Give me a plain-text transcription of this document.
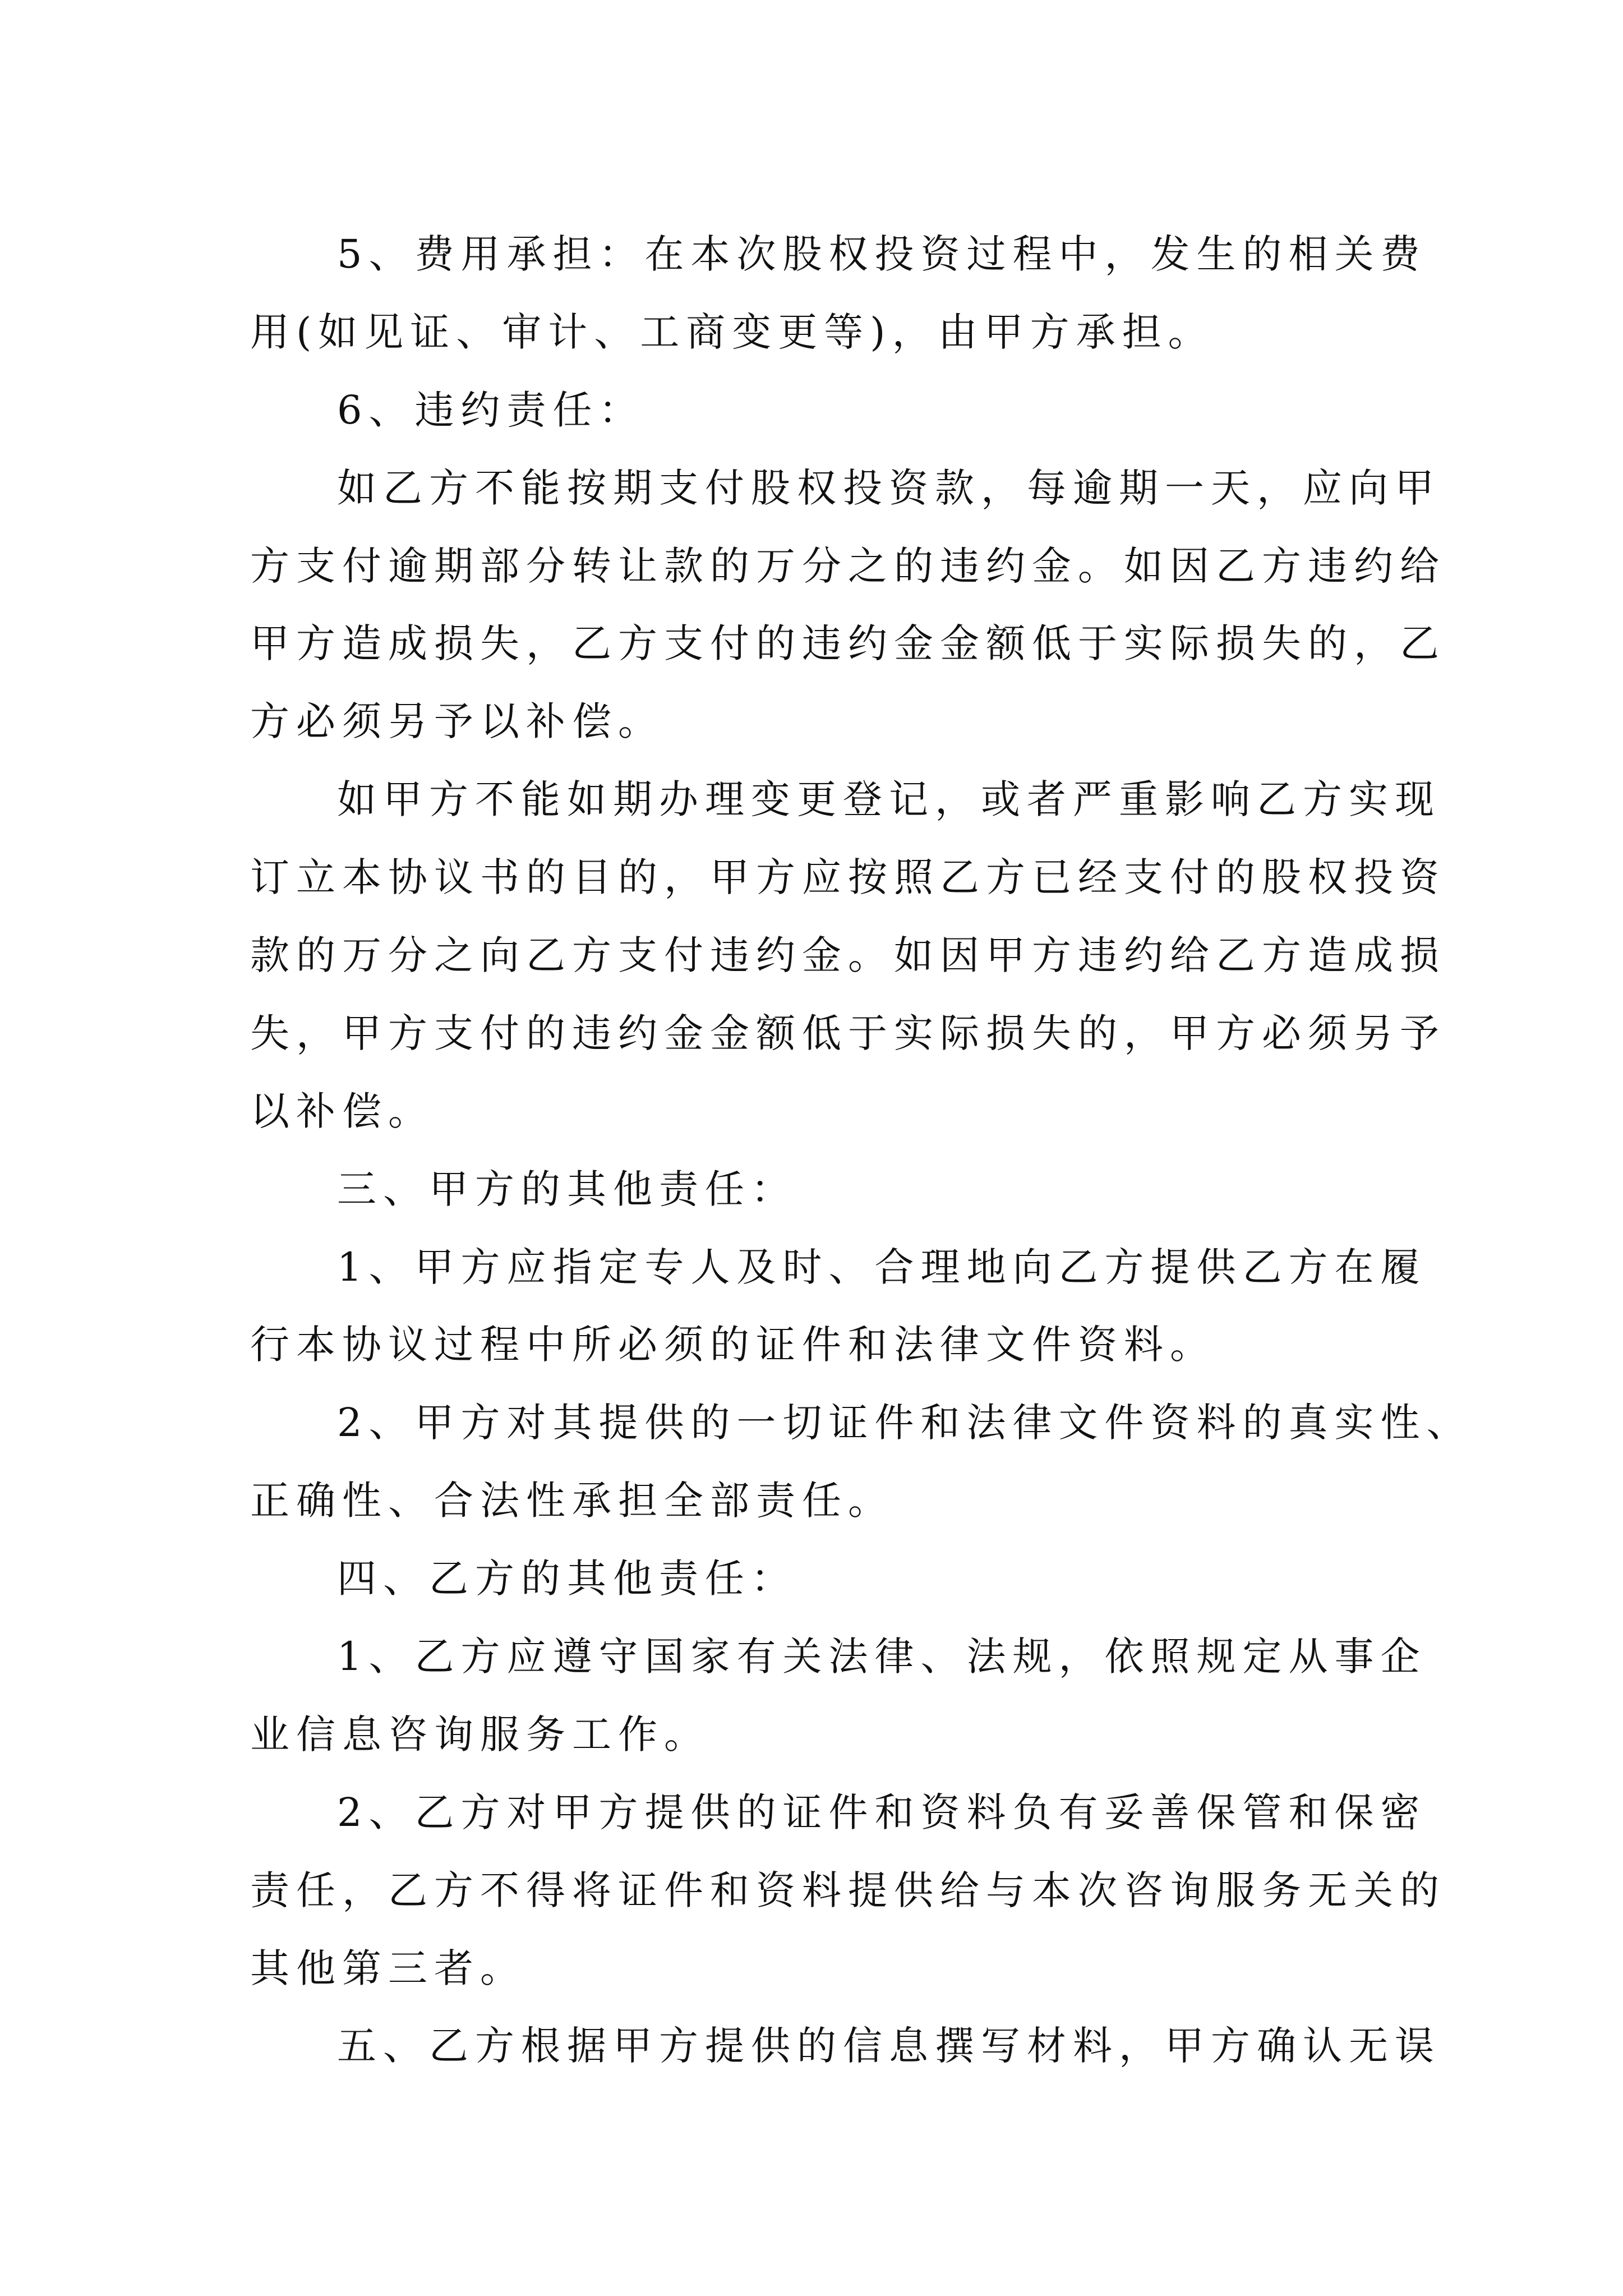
5、费用承担：在本次股权投资过程中，发生的相关费
用(如见证、审计、工商变更等)，由甲方承担。
6、违约责任：
如乙方不能按期支付股权投资款，每逾期一天，应向甲
方支付逾期部分转让款的万分之的违约金。如因乙方违约给
甲方造成损失，乙方支付的违约金金额低于实际损失的，乙
方必须另予以补偿。
如甲方不能如期办理变更登记，或者严重影响乙方实现
订立本协议书的目的，甲方应按照乙方已经支付的股权投资
款的万分之向乙方支付违约金。如因甲方违约给乙方造成损
失，甲方支付的违约金金额低于实际损失的，甲方必须另予
以补偿。
三、甲方的其他责任：
1、甲方应指定专人及时、合理地向乙方提供乙方在履
行本协议过程中所必须的证件和法律文件资料。
2、甲方对其提供的一切证件和法律文件资料的真实性、
正确性、合法性承担全部责任。
四、乙方的其他责任：
1、乙方应遵守国家有关法律、法规，依照规定从事企
业信息咨询服务工作。
2、乙方对甲方提供的证件和资料负有妥善保管和保密
责任，乙方不得将证件和资料提供给与本次咨询服务无关的
其他第三者。
五、乙方根据甲方提供的信息撰写材料，甲方确认无误
